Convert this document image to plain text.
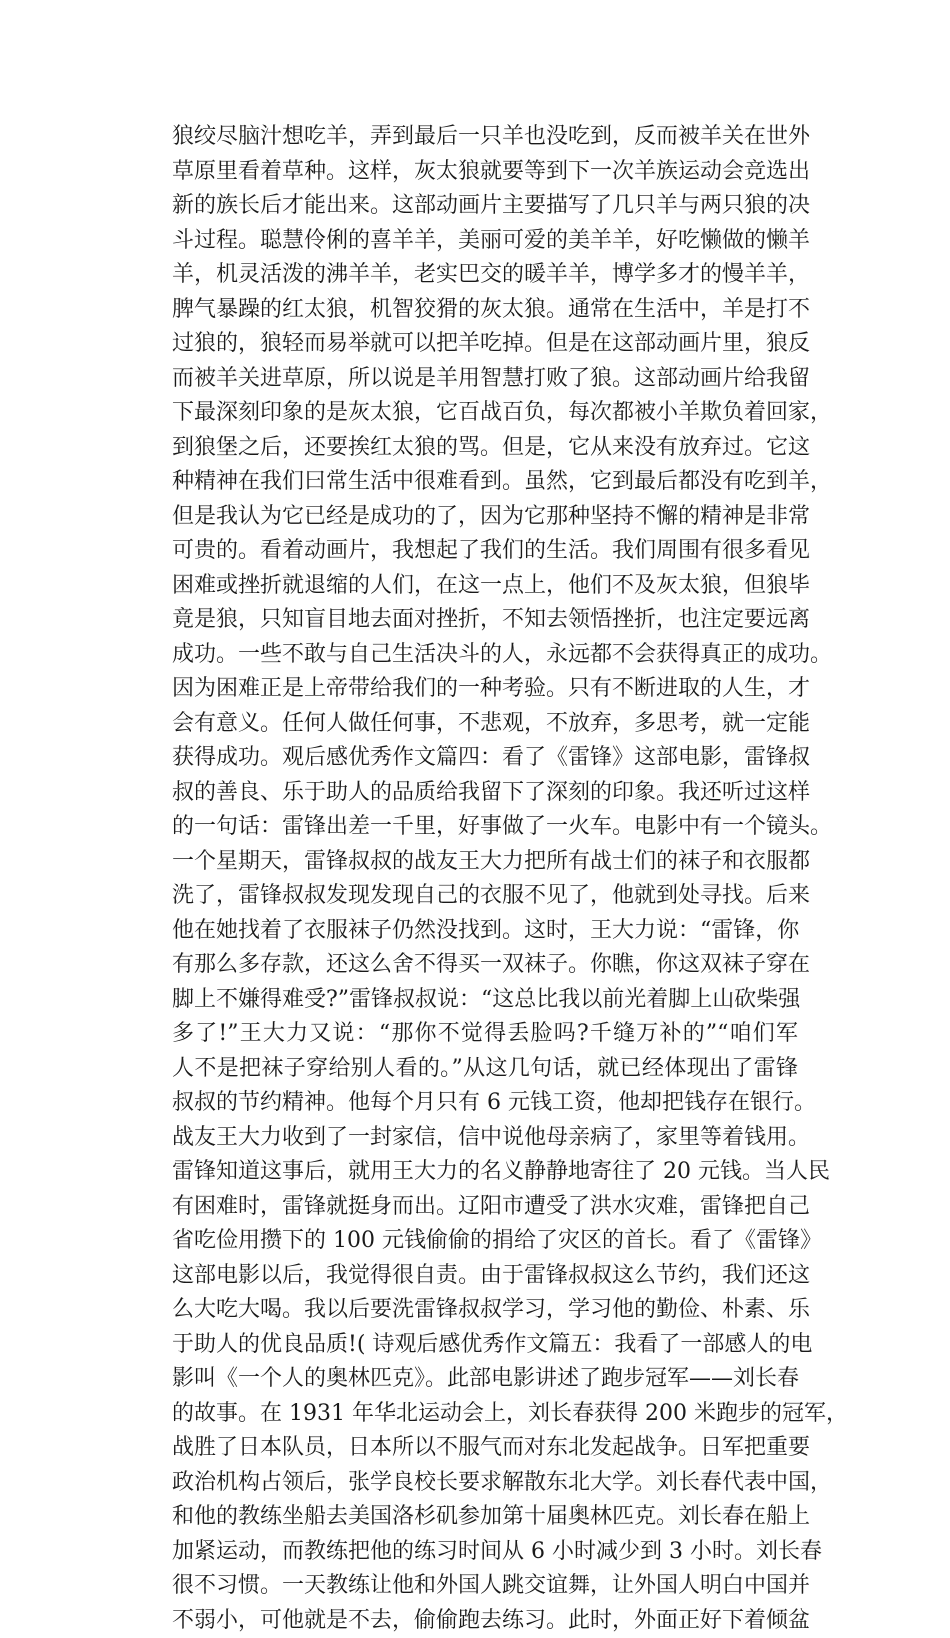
狼绞尽脑汁想吃羊，弄到最后一只羊也没吃到，反而被羊关在世外
草原里看着草种。这样，灰太狼就要等到下一次羊族运动会竞选出
新的族长后才能出来。这部动画片主要描写了几只羊与两只狼的决
斗过程。聪慧伶俐的喜羊羊，美丽可爱的美羊羊，好吃懒做的懒羊
羊，机灵活泼的沸羊羊，老实巴交的暖羊羊，博学多才的慢羊羊，
脾气暴躁的红太狼，机智狡猾的灰太狼。通常在生活中，羊是打不
过狼的，狼轻而易举就可以把羊吃掉。但是在这部动画片里，狼反
而被羊关进草原，所以说是羊用智慧打败了狼。这部动画片给我留
下最深刻印象的是灰太狼，它百战百负，每次都被小羊欺负着回家，
到狼堡之后，还要挨红太狼的骂。但是，它从来没有放弃过。它这
种精神在我们曰常生活中很难看到。虽然，它到最后都没有吃到羊，
但是我认为它已经是成功的了，因为它那种坚持不懈的精神是非常
可贵的。看着动画片，我想起了我们的生活。我们周围有很多看见
困难或挫折就退缩的人们，在这一点上，他们不及灰太狼，但狼毕
竟是狼，只知盲目地去面对挫折，不知去领悟挫折，也注定要远离
成功。一些不敢与自己生活决斗的人，永远都不会获得真正的成功。
因为困难正是上帝带给我们的一种考验。只有不断进取的人生，才
会有意义。任何人做任何事，不悲观，不放弃，多思考，就一定能
获得成功。观后感优秀作文篇四：看了《雷锋》这部电影，雷锋叔
叔的善良、乐于助人的品质给我留下了深刻的印象。我还听过这样
的一句话：雷锋出差一千里，好事做了一火车。电影中有一个镜头。
一个星期天，雷锋叔叔的战友王大力把所有战士们的袜子和衣服都
洗了，雷锋叔叔发现发现自己的衣服不见了，他就到处寻找。后来
他在她找着了衣服袜子仍然没找到。这时，王大力说：“雷锋，你
有那么多存款，还这么舍不得买一双袜子。你瞧，你这双袜子穿在
脚上不嫌得难受?”雷锋叔叔说：“这总比我以前光着脚上山砍柴强
多了!”王大力又说：“那你不觉得丢脸吗?千缝万补的”“咱们军
人不是把袜子穿给别人看的。”从这几句话，就已经体现出了雷锋
叔叔的节约精神。他每个月只有 6 元钱工资，他却把钱存在银行。
战友王大力收到了一封家信，信中说他母亲病了，家里等着钱用。
雷锋知道这事后，就用王大力的名义静静地寄往了 20 元钱。当人民
有困难时，雷锋就挺身而出。辽阳市遭受了洪水灾难，雷锋把自己
省吃俭用攒下的 100 元钱偷偷的捐给了灾区的首长。看了《雷锋》
这部电影以后，我觉得很自责。由于雷锋叔叔这么节约，我们还这
么大吃大喝。我以后要洗雷锋叔叔学习，学习他的勤俭、朴素、乐
于助人的优良品质!( 诗观后感优秀作文篇五：我看了一部感人的电
影叫《一个人的奥林匹克》。此部电影讲述了跑步冠军——刘长春
的故事。在 1931 年华北运动会上，刘长春获得 200 米跑步的冠军，
战胜了日本队员，日本所以不服气而对东北发起战争。日军把重要
政治机构占领后，张学良校长要求解散东北大学。刘长春代表中国，
和他的教练坐船去美国洛杉矶参加第十届奥林匹克。刘长春在船上
加紧运动，而教练把他的练习时间从 6 小时减少到 3 小时。刘长春
很不习惯。一天教练让他和外国人跳交谊舞，让外国人明白中国并
不弱小，可他就是不去，偷偷跑去练习。此时，外面正好下着倾盆
